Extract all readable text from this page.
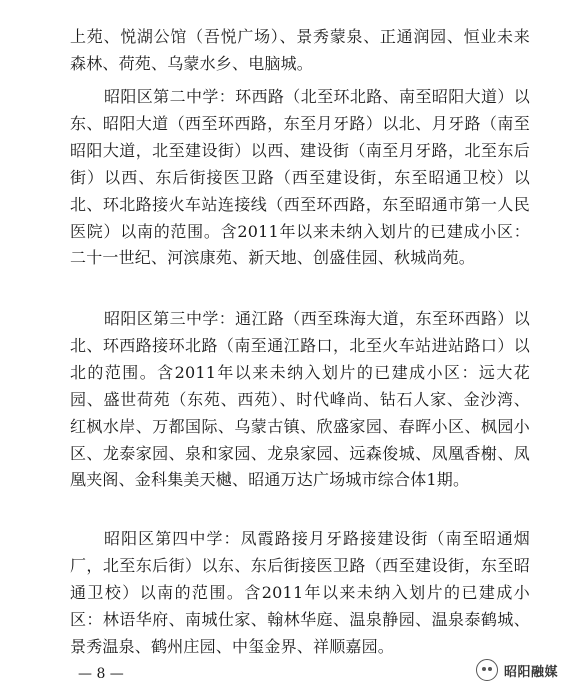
上苑、悦湖公馆（吾悦广场）、景秀蒙泉、正通润园、恒业未来森林、荷苑、乌蒙水乡、电脑城。

昭阳区第二中学：环西路（北至环北路、南至昭阳大道）以东、昭阳大道（西至环西路，东至月牙路）以北、月牙路（南至昭阳大道，北至建设街）以西、建设街（南至月牙路，北至东后街）以西、东后街接医卫路（西至建设街，东至昭通卫校）以北、环北路接火车站连接线（西至环西路，东至昭通市第一人民医院）以南的范围。含2011年以来未纳入划片的已建成小区：二十一世纪、河滨康苑、新天地、创盛佳园、秋城尚苑。

昭阳区第三中学：通江路（西至珠海大道，东至环西路）以北、环西路接环北路（南至通江路口，北至火车站进站路口）以北的范围。含2011年以来未纳入划片的已建成小区：远大花园、盛世荷苑（东苑、西苑）、时代峰尚、钻石人家、金沙湾、红枫水岸、万都国际、乌蒙古镇、欣盛家园、春晖小区、枫园小区、龙泰家园、泉和家园、龙泉家园、远森俊城、凤凰香榭、凤凰夹阁、金科集美天樾、昭通万达广场城市综合体1期。

昭阳区第四中学：凤霞路接月牙路接建设街（南至昭通烟厂，北至东后街）以东、东后街接医卫路（西至建设街，东至昭通卫校）以南的范围。含2011年以来未纳入划片的已建成小区：林语华府、南城仕家、翰林华庭、温泉静园、温泉泰鹤城、景秀温泉、鹤州庄园、中玺金界、祥顺嘉园。

— 8 —	昭阳融媒
